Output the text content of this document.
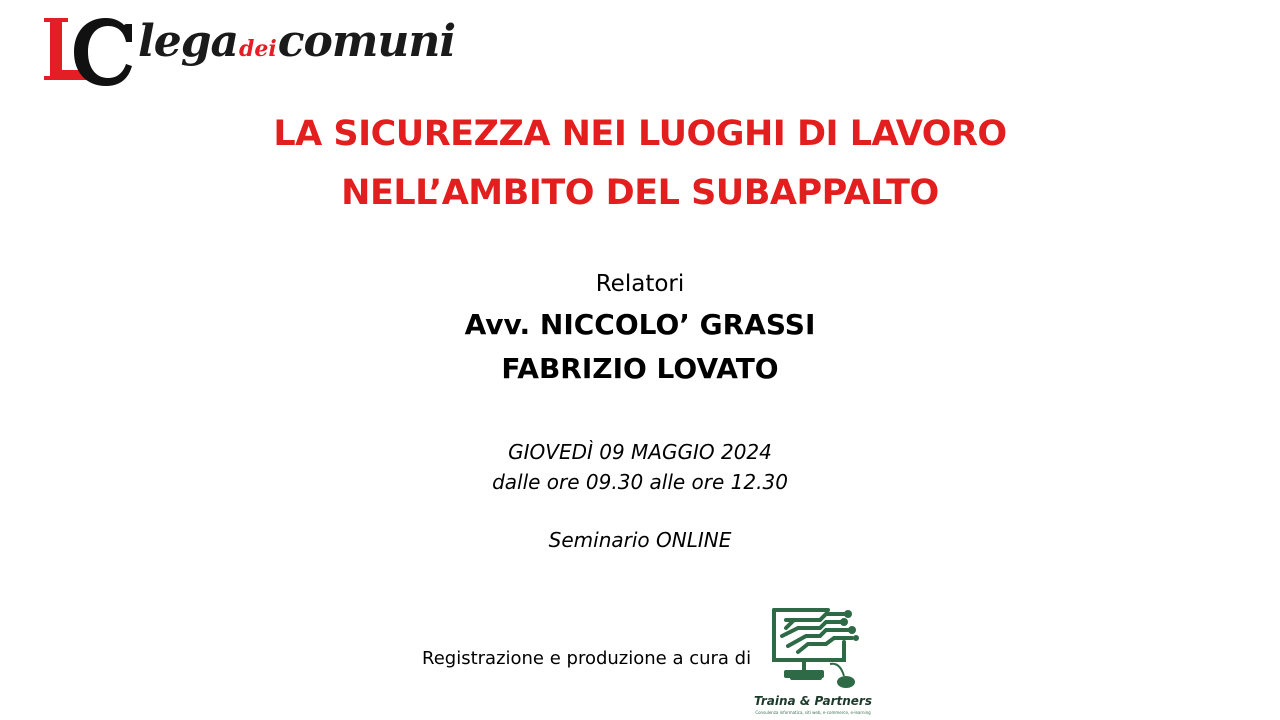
legadeicomuni
LA SICUREZZA NEI LUOGHI DI LAVORO
NELL’AMBITO DEL SUBAPPALTO
Relatori
Avv. NICCOLO’ GRASSI
FABRIZIO LOVATO
GIOVEDÌ 09 MAGGIO 2024
dalle ore 09.30 alle ore 12.30
Seminario ONLINE
Registrazione e produzione a cura di
Traina & Partners
Consulenza informatica, siti web, e-commerce, e-learning
